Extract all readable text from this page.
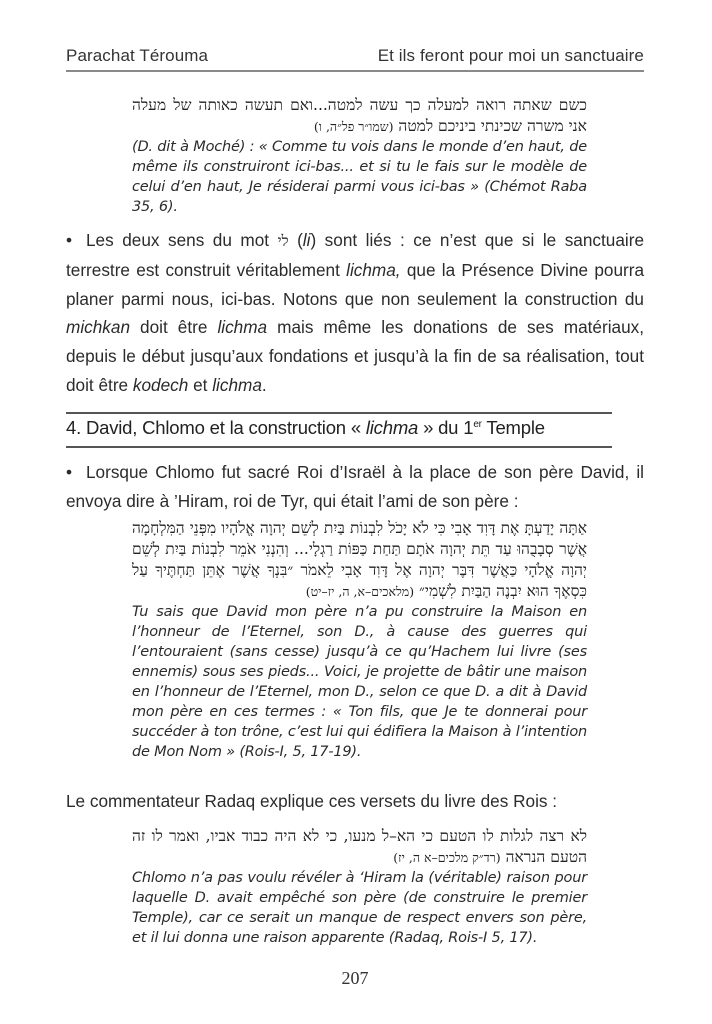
Parachat Térouma	Et ils feront pour moi un sanctuaire
כשם שאתה רואה למעלה כך עשה למטה...ואם תעשה כאותה של מעלה אני משרה שכינתי ביניכם למטה (שמו״ר פל״ה, ו)
(D. dit à Moché) : « Comme tu vois dans le monde d’en haut, de même ils construiront ici-bas... et si tu le fais sur le modèle de celui d’en haut, Je résiderai parmi vous ici-bas » (Chémot Raba 35, 6).
• Les deux sens du mot לי (li) sont liés : ce n’est que si le sanctuaire terrestre est construit véritablement lichma, que la Présence Divine pourra planer parmi nous, ici-bas. Notons que non seulement la construction du michkan doit être lichma mais même les donations de ses matériaux, depuis le début jusqu’aux fondations et jusqu’à la fin de sa réalisation, tout doit être kodech et lichma.
4. David, Chlomo et la construction « lichma » du 1er Temple
• Lorsque Chlomo fut sacré Roi d’Israël à la place de son père David, il envoya dire à ’Hiram, roi de Tyr, qui était l’ami de son père :
אַתָּה יָדַעְתָּ אֶת דָּוִד אָבִי כִּי לֹא יָכֹל לִבְנוֹת בַּיִת לְשֵׁם יְהוָה אֱלֹהָיו מִפְּנֵי הַמִּלְחָמָה אֲשֶׁר סְבָבֻהוּ עַד תֵּת יְהוָה אֹתָם תַּחַת כַּפּוֹת רַגְלָי... וְהִנְנִי אֹמֵר לִבְנוֹת בַּיִת לְשֵׁם יְהוָה אֱלֹהָי כַּאֲשֶׁר דִּבֶּר יְהוָה אֶל דָּוִד אָבִי לֵאמֹר ״בִּנְךָ אֲשֶׁר אֶתֵּן תַּחְתֶּיךָ עַל כִּסְאֶךָ הוּא יִבְנֶה הַבַּיִת לִשְׁמִי״ (מלאכים–א, ה, יז–יט)
Tu sais que David mon père n’a pu construire la Maison en l’honneur de l’Eternel, son D., à cause des guerres qui l’entouraient (sans cesse) jusqu’à ce qu’Hachem lui livre (ses ennemis) sous ses pieds... Voici, je projette de bâtir une maison en l’honneur de l’Eternel, mon D., selon ce que D. a dit à David mon père en ces termes : « Ton fils, que Je te donnerai pour succéder à ton trône, c’est lui qui édifiera la Maison à l’intention de Mon Nom » (Rois-I, 5, 17-19).
Le commentateur Radaq explique ces versets du livre des Rois :
לא רצה לגלות לו הטעם כי הא–ל מנעו, כי לא היה כבוד אביו, ואמר לו זה הטעם הנראה (רד״ק מלכים–א ה, יז)
Chlomo n’a pas voulu révéler à ‘Hiram la (véritable) raison pour laquelle D. avait empêché son père (de construire le premier Temple), car ce serait un manque de respect envers son père, et il lui donna une raison apparente (Radaq, Rois-I 5, 17).
207
